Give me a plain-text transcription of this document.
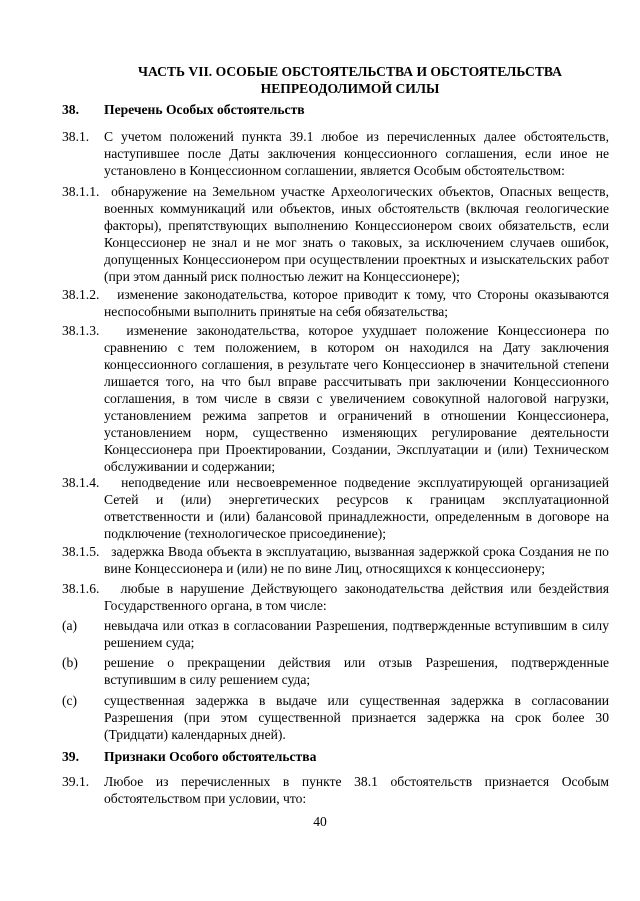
ЧАСТЬ VII. ОСОБЫЕ ОБСТОЯТЕЛЬСТВА И ОБСТОЯТЕЛЬСТВА
НЕПРЕОДОЛИМОЙ СИЛЫ
38. Перечень Особых обстоятельств
38.1. С учетом положений пункта 39.1 любое из перечисленных далее обстоятельств, наступившее после Даты заключения концессионного соглашения, если иное не установлено в Концессионном соглашении, является Особым обстоятельством:
38.1.1. обнаружение на Земельном участке Археологических объектов, Опасных веществ, военных коммуникаций или объектов, иных обстоятельств (включая геологические факторы), препятствующих выполнению Концессионером своих обязательств, если Концессионер не знал и не мог знать о таковых, за исключением случаев ошибок, допущенных Концессионером при осуществлении проектных и изыскательских работ (при этом данный риск полностью лежит на Концессионере);
38.1.2. изменение законодательства, которое приводит к тому, что Стороны оказываются неспособными выполнить принятые на себя обязательства;
38.1.3. изменение законодательства, которое ухудшает положение Концессионера по сравнению с тем положением, в котором он находился на Дату заключения концессионного соглашения, в результате чего Концессионер в значительной степени лишается того, на что был вправе рассчитывать при заключении Концессионного соглашения, в том числе в связи с увеличением совокупной налоговой нагрузки, установлением режима запретов и ограничений в отношении Концессионера, установлением норм, существенно изменяющих регулирование деятельности Концессионера при Проектировании, Создании, Эксплуатации и (или) Техническом обслуживании и содержании;
38.1.4. неподведение или несвоевременное подведение эксплуатирующей организацией Сетей и (или) энергетических ресурсов к границам эксплуатационной ответственности и (или) балансовой принадлежности, определенным в договоре на подключение (технологическое присоединение);
38.1.5. задержка Ввода объекта в эксплуатацию, вызванная задержкой срока Создания не по вине Концессионера и (или) не по вине Лиц, относящихся к концессионеру;
38.1.6. любые в нарушение Действующего законодательства действия или бездействия Государственного органа, в том числе:
(a) невыдача или отказ в согласовании Разрешения, подтвержденные вступившим в силу решением суда;
(b) решение о прекращении действия или отзыв Разрешения, подтвержденные вступившим в силу решением суда;
(c) существенная задержка в выдаче или существенная задержка в согласовании Разрешения (при этом существенной признается задержка на срок более 30 (Тридцати) календарных дней).
39. Признаки Особого обстоятельства
39.1. Любое из перечисленных в пункте 38.1 обстоятельств признается Особым обстоятельством при условии, что:
40
